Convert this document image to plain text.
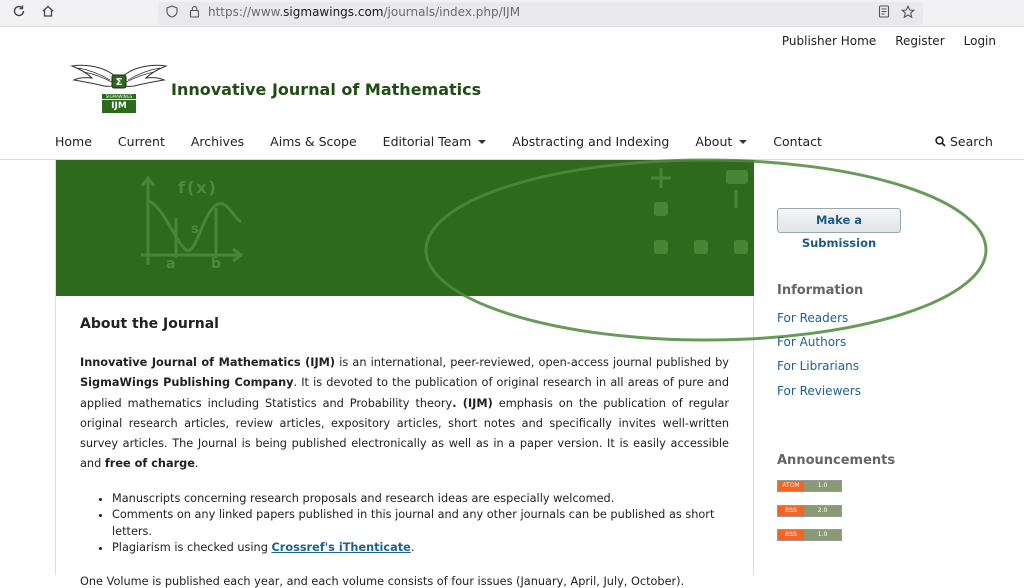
https://www.sigmawings.com/journals/index.php/IJM
Publisher Home Register Login
Σ
SIGMAWINGS
IJM
Innovative Journal of Mathematics
Home Current Archives Aims & Scope Editorial Team	Abstracting and Indexing About	Contact	Search
f(x)
s
a	b
About the Journal

Innovative Journal of Mathematics (IJM) is an international, peer-reviewed, open-access journal published by SigmaWings Publishing Company. It is devoted to the publication of original research in all areas of pure and applied mathematics including Statistics and Probability theory. (IJM) emphasis on the publication of regular original research articles, review articles, expository articles, short notes and specifically invites well-written survey articles. The Journal is being published electronically as well as in a paper version. It is easily accessible and free of charge.

• Manuscripts concerning research proposals and research ideas are especially welcomed.
• Comments on any linked papers published in this journal and any other journals can be published as short letters.
• Plagiarism is checked using Crossref's iThenticate.

One Volume is published each year, and each volume consists of four issues (January, April, July, October).

Make a Submission
Information
For Readers
For Authors
For Librarians
For Reviewers
Announcements
ATOM	1.0
RSS	2.0
RSS	1.0
